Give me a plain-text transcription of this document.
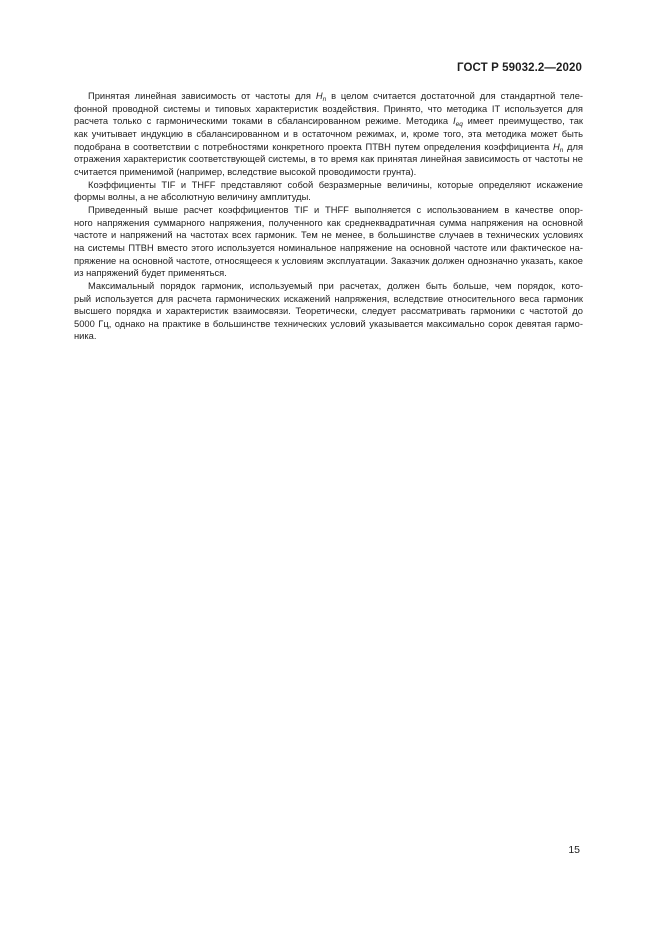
ГОСТ Р 59032.2—2020

Принятая линейная зависимость от частоты для $H_n$ в целом считается достаточной для стандартной теле-
фонной проводной системы и типовых характеристик воздействия. Принято, что методика IT используется для
расчета только с гармоническими токами в сбалансированном режиме. Методика $I_{eq}$ имеет преимущество, так
как учитывает индукцию в сбалансированном и в остаточном режимах, и, кроме того, эта методика может быть
подобрана в соответствии с потребностями конкретного проекта ПТВН путем определения коэффициента $H_n$ для
отражения характеристик соответствующей системы, в то время как принятая линейная зависимость от частоты не
считается применимой (например, вследствие высокой проводимости грунта).

Коэффициенты TIF и THFF представляют собой безразмерные величины, которые определяют искажение
формы волны, а не абсолютную величину амплитуды.

Приведенный выше расчет коэффициентов TIF и THFF выполняется с использованием в качестве опор-
ного напряжения суммарного напряжения, полученного как среднеквадратичная сумма напряжения на основной
частоте и напряжений на частотах всех гармоник. Тем не менее, в большинстве случаев в технических условиях
на системы ПТВН вместо этого используется номинальное напряжение на основной частоте или фактическое на-
пряжение на основной частоте, относящееся к условиям эксплуатации. Заказчик должен однозначно указать, какое
из напряжений будет применяться.

Максимальный порядок гармоник, используемый при расчетах, должен быть больше, чем порядок, кото-
рый используется для расчета гармонических искажений напряжения, вследствие относительного веса гармоник
высшего порядка и характеристик взаимосвязи. Теоретически, следует рассматривать гармоники с частотой до
5000 Гц, однако на практике в большинстве технических условий указывается максимально сорок девятая гармо-
ника.

15
